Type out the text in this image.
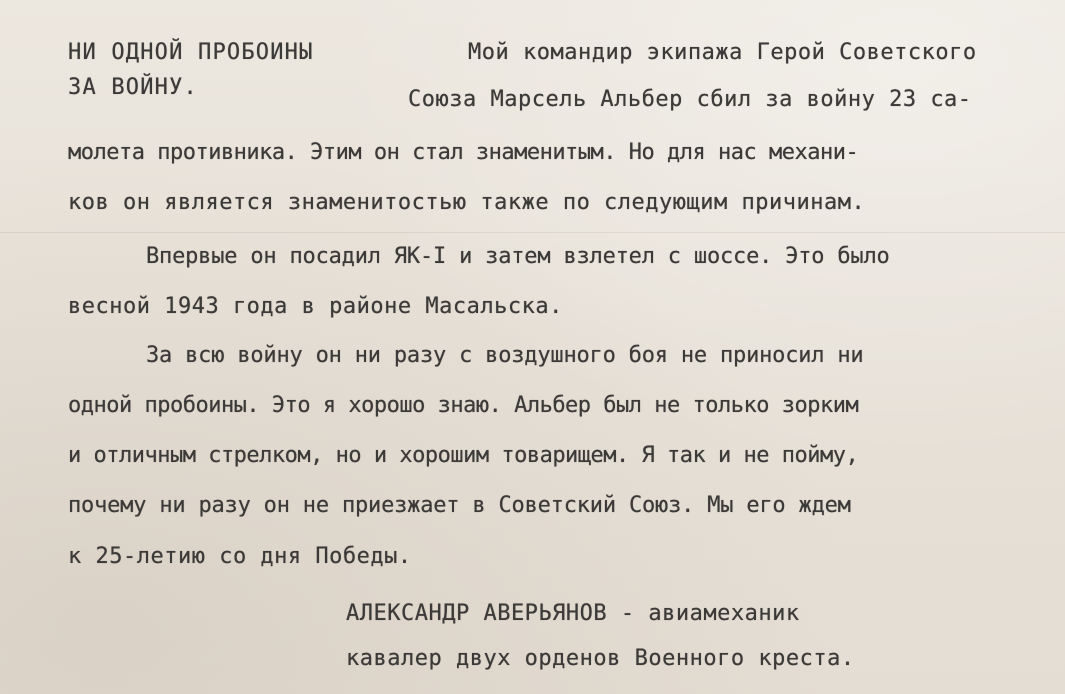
НИ ОДНОЙ ПРОБОИНЫ
ЗА ВОЙНУ.
Мой командир экипажа Герой Советского
Союза Марсель Альбер сбил за войну 23 са-
молета противника. Этим он стал знаменитым. Но для нас механи-
ков он является знаменитостью также по следующим причинам.
Впервые он посадил ЯК-I и затем взлетел с шоссе. Это было
весной 1943 года в районе Масальска.
За всю войну он ни разу с воздушного боя не приносил ни
одной пробоины. Это я хорошо знаю. Альбер был не только зорким
и отличным стрелком, но и хорошим товарищем. Я так и не пойму,
почему ни разу он не приезжает в Советский Союз. Мы его ждем
к 25-летию со дня Победы.
АЛЕКСАНДР АВЕРЬЯНОВ - авиамеханик
кавалер двух орденов Военного креста.
